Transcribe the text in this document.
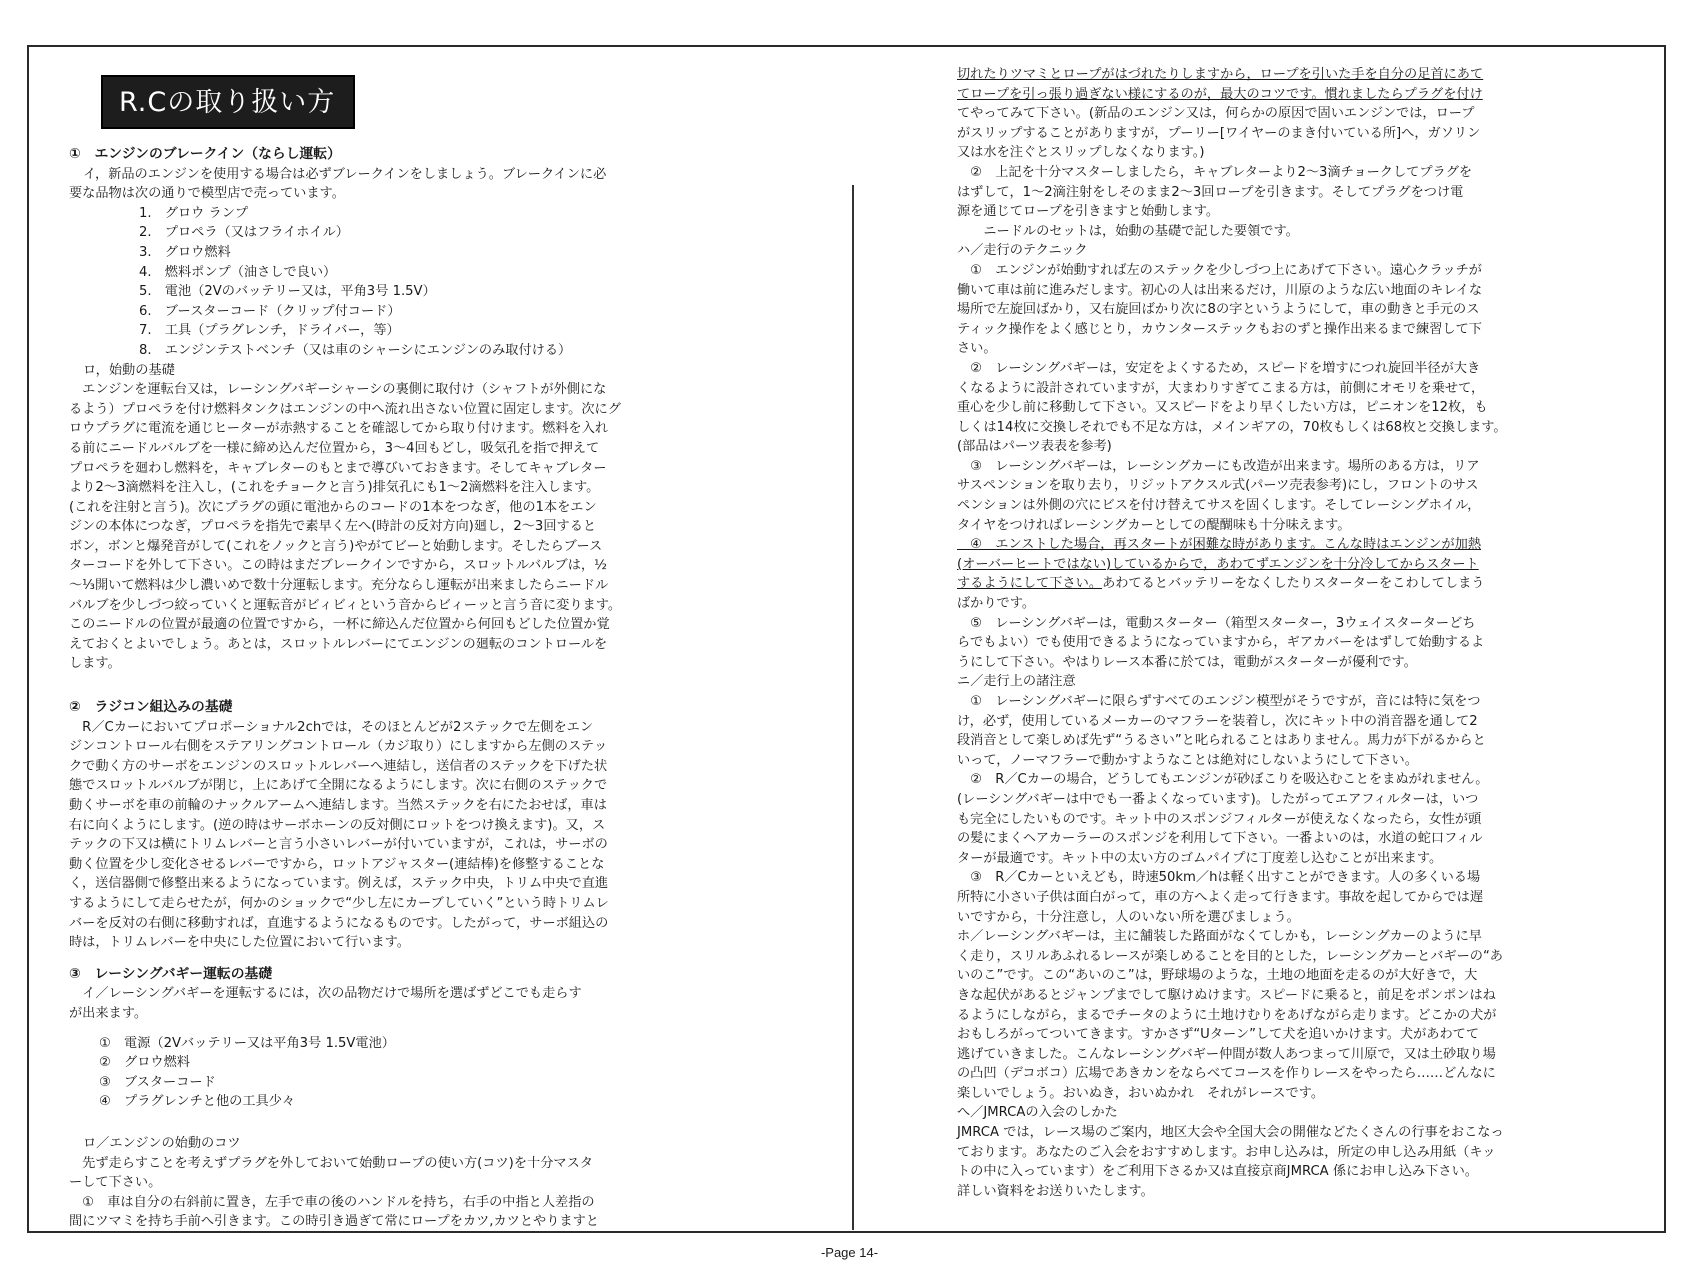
R.Cの取り扱い方

①　エンジンのブレークイン（ならし運転）

イ，新品のエンジンを使用する場合は必ずブレークインをしましょう。ブレークインに必

要な品物は次の通りで模型店で売っています。

1.　グロウ ランプ

2.　プロペラ（又はフライホイル）

3.　グロウ燃料

4.　燃料ポンプ（油さしで良い）

5.　電池（2Vのバッテリー又は，平角3号 1.5V）

6.　ブースターコード（クリップ付コード）

7.　工具（プラグレンチ，ドライバー，等）

8.　エンジンテストベンチ（又は車のシャーシにエンジンのみ取付ける）

ロ，始動の基礎

　エンジンを運転台又は，レーシングバギーシャーシの裏側に取付け（シャフトが外側にな

るよう）プロペラを付け燃料タンクはエンジンの中へ流れ出さない位置に固定します。次にグ

ロウプラグに電流を通じヒーターが赤熱することを確認してから取り付けます。燃料を入れ

る前にニードルバルブを一様に締め込んだ位置から，3～4回もどし，吸気孔を指で押えて

プロペラを廻わし燃料を，キャブレターのもとまで導びいておきます。そしてキャブレター

より2～3滴燃料を注入し，(これをチョークと言う)排気孔にも1～2滴燃料を注入します。

(これを注射と言う)。次にプラグの頭に電池からのコードの1本をつなぎ，他の1本をエン

ジンの本体につなぎ，プロペラを指先で素早く左へ(時計の反対方向)廻し，2～3回すると

ボン，ボンと爆発音がして(これをノックと言う)やがてビーと始動します。そしたらブース

ターコードを外して下さい。この時はまだブレークインですから，スロットルバルブは，½

～⅓開いて燃料は少し濃いめで数十分運転します。充分ならし運転が出来ましたらニードル

バルブを少しづつ絞っていくと運転音がビィビィという音からビィーッと言う音に変ります。

このニードルの位置が最適の位置ですから，一杯に締込んだ位置から何回もどした位置か覚

えておくとよいでしょう。あとは，スロットルレバーにてエンジンの廻転のコントロールを

します。

②　ラジコン組込みの基礎

　R／Cカーにおいてプロポーショナル2chでは，そのほとんどが2ステックで左側をエン

ジンコントロール右側をステアリングコントロール（カジ取り）にしますから左側のステッ

クで動く方のサーボをエンジンのスロットルレバーへ連結し，送信者のステックを下げた状

態でスロットルバルブが閉じ，上にあげて全開になるようにします。次に右側のステックで

動くサーボを車の前輪のナックルアームへ連結します。当然ステックを右にたおせば，車は

右に向くようにします。(逆の時はサーボホーンの反対側にロットをつけ換えます)。又，ス

テックの下又は横にトリムレバーと言う小さいレバーが付いていますが，これは，サーボの

動く位置を少し変化させるレバーですから，ロットアジャスター(連結棒)を修整することな

く，送信器側で修整出来るようになっています。例えば，ステック中央，トリム中央で直進

するようにして走らせたが，何かのショックで“少し左にカーブしていく”という時トリムレ

バーを反対の右側に移動すれば，直進するようになるものです。したがって，サーボ組込の

時は，トリムレバーを中央にした位置において行います。

③　レーシングバギー運転の基礎

　イ／レーシングバギーを運転するには，次の品物だけで場所を選ばずどこでも走らす

が出来ます。

①　電源（2Vバッテリー又は平角3号 1.5V電池）

②　グロウ燃料

③　ブスターコード

④　プラグレンチと他の工具少々

ロ／エンジンの始動のコツ

　先ず走らすことを考えずプラグを外しておいて始動ロープの使い方(コツ)を十分マスタ

ーして下さい。

　①　車は自分の右斜前に置き，左手で車の後のハンドルを持ち，右手の中指と人差指の

間にツマミを持ち手前へ引きます。この時引き過ぎて常にロープをカツ,カツとやりますと

切れたりツマミとロープがはづれたりしますから，ロープを引いた手を自分の足首にあて

てロープを引っ張り過ぎない様にするのが，最大のコツです。慣れましたらプラグを付け

てやってみて下さい。(新品のエンジン又は，何らかの原因で固いエンジンでは，ロープ

がスリップすることがありますが，プーリー[ワイヤーのまき付いている所]へ，ガソリン

又は水を注ぐとスリップしなくなります。)

　②　上記を十分マスターしましたら，キャブレターより2～3滴チョークしてプラグを

はずして，1～2滴注射をしそのまま2～3回ロープを引きます。そしてプラグをつけ電

源を通じてロープを引きますと始動します。

　　ニードルのセットは，始動の基礎で記した要領です。

ハ／走行のテクニック

　①　エンジンが始動すれば左のステックを少しづつ上にあげて下さい。遠心クラッチが

働いて車は前に進みだします。初心の人は出来るだけ，川原のような広い地面のキレイな

場所で左旋回ばかり，又右旋回ばかり次に8の字というようにして，車の動きと手元のス

ティック操作をよく感じとり，カウンターステックもおのずと操作出来るまで練習して下

さい。

　②　レーシングバギーは，安定をよくするため，スピードを増すにつれ旋回半径が大き

くなるように設計されていますが，大まわりすぎてこまる方は，前側にオモリを乗せて，

重心を少し前に移動して下さい。又スピードをより早くしたい方は，ピニオンを12枚，も

しくは14枚に交換しそれでも不足な方は，メインギアの，70枚もしくは68枚と交換します。

(部品はパーツ表表を参考)

　③　レーシングバギーは，レーシングカーにも改造が出来ます。場所のある方は，リア

サスペンションを取り去り，リジットアクスル式(パーツ売表参考)にし，フロントのサス

ペンションは外側の穴にビスを付け替えてサスを固くします。そしてレーシングホイル，

タイヤをつければレーシングカーとしての醍醐味も十分味えます。

　④　エンストした場合，再スタートが困難な時があります。こんな時はエンジンが加熱

(オーバーヒートではない)しているからで，あわてずエンジンを十分冷してからスタート

するようにして下さい。あわてるとバッテリーをなくしたりスターターをこわしてしまう

ばかりです。

　⑤　レーシングバギーは，電動スターター（箱型スターター，3ウェイスターターどち

らでもよい）でも使用できるようになっていますから，ギアカバーをはずして始動するよ

うにして下さい。やはりレース本番に於ては，電動がスターターが優利です。

ニ／走行上の諸注意

　①　レーシングバギーに限らずすべてのエンジン模型がそうですが，音には特に気をつ

け，必ず，使用しているメーカーのマフラーを装着し，次にキット中の消音器を通して2

段消音として楽しめば先ず“うるさい”と叱られることはありません。馬力が下がるからと

いって，ノーマフラーで動かすようなことは絶対にしないようにして下さい。

　②　R／Cカーの場合，どうしてもエンジンが砂ぼこりを吸込むことをまぬがれません。

(レーシングバギーは中でも一番よくなっています)。したがってエアフィルターは，いつ

も完全にしたいものです。キット中のスポンジフィルターが使えなくなったら，女性が頭

の髪にまくヘアカーラーのスポンジを利用して下さい。一番よいのは，水道の蛇口フィル

ターが最適です。キット中の太い方のゴムパイプに丁度差し込むことが出来ます。

　③　R／Cカーといえども，時速50km／hは軽く出すことができます。人の多くいる場

所特に小さい子供は面白がって，車の方へよく走って行きます。事故を起してからでは遅

いですから，十分注意し，人のいない所を選びましょう。

ホ／レーシングバギーは，主に舗装した路面がなくてしかも，レーシングカーのように早

く走り，スリルあふれるレースが楽しめることを目的とした，レーシングカーとバギーの“あ

いのこ”です。この“あいのこ”は，野球場のような，土地の地面を走るのが大好きで，大

きな起伏があるとジャンプまでして駆けぬけます。スピードに乗ると，前足をポンポンはね

るようにしながら，まるでチータのように土地けむりをあげながら走ります。どこかの犬が

おもしろがってついてきます。すかさず“Uターン”して犬を追いかけます。犬があわてて

逃げていきました。こんなレーシングバギー仲間が数人あつまって川原で，又は土砂取り場

の凸凹（デコボコ）広場であきカンをならべてコースを作りレースをやったら……どんなに

楽しいでしょう。おいぬき，おいぬかれ　それがレースです。

へ／JMRCAの入会のしかた

JMRCA では，レース場のご案内，地区大会や全国大会の開催などたくさんの行事をおこなっ

ております。あなたのご入会をおすすめします。お申し込みは，所定の申し込み用紙（キッ

トの中に入っています）をご利用下さるか又は直接京商JMRCA 係にお申し込み下さい。

詳しい資料をお送りいたします。

-Page 14-
